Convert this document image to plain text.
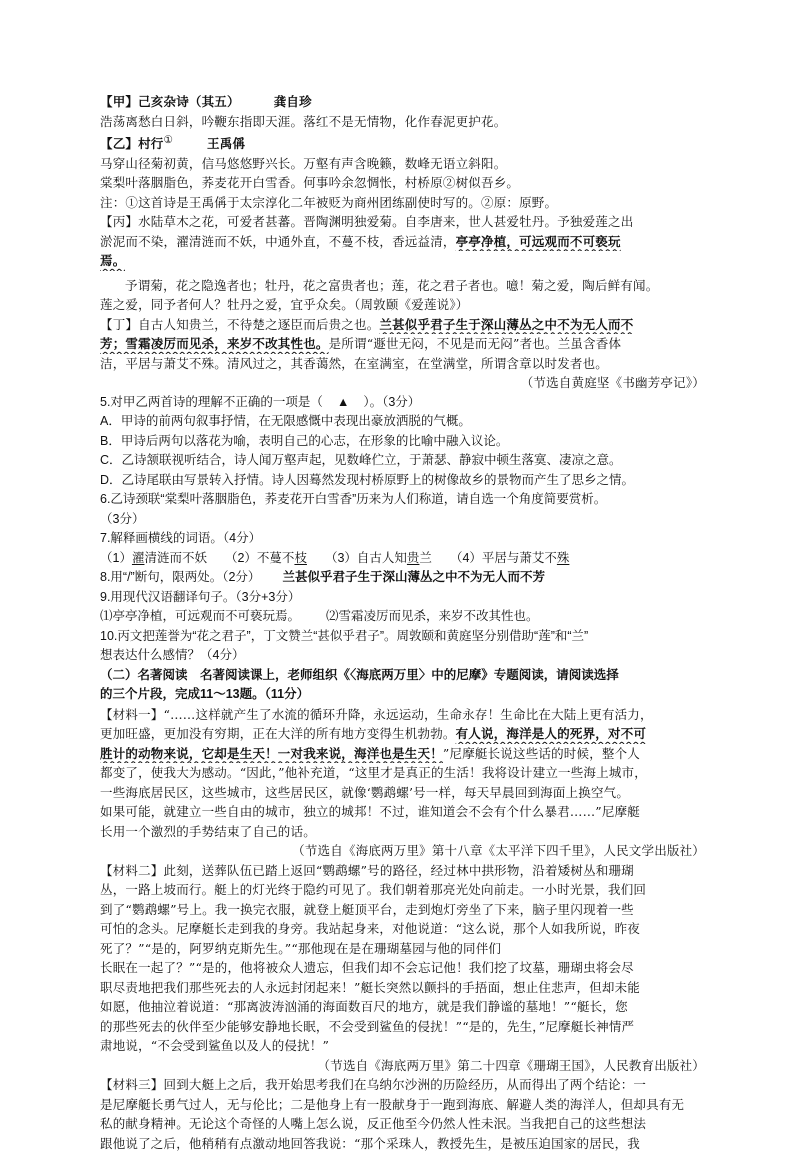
【甲】己亥杂诗（其五）	龚自珍
浩荡离愁白日斜，吟鞭东指即天涯。落红不是无情物，化作春泥更护花。
【乙】村行①	王禹偁
马穿山径菊初黄，信马悠悠野兴长。万壑有声含晚籁，数峰无语立斜阳。
棠梨叶落胭脂色，荞麦花开白雪香。何事吟余忽惆怅，村桥原②树似吾乡。
注：①这首诗是王禹偁于太宗淳化二年被贬为商州团练副使时写的。②原：原野。
【丙】水陆草木之花，可爱者甚蕃。晋陶渊明独爱菊。自李唐来，世人甚爱牡丹。予独爱莲之出
淤泥而不染，濯清涟而不妖，中通外直，不蔓不枝，香远益清，亭亭净植，可远观而不可亵玩
焉。
予谓菊，花之隐逸者也；牡丹，花之富贵者也；莲，花之君子者也。噫！菊之爱，陶后鲜有闻。
莲之爱，同予者何人？牡丹之爱，宜乎众矣。（周敦颐《爱莲说》）
【丁】自古人知贵兰，不待楚之逐臣而后贵之也。兰甚似乎君子生于深山薄丛之中不为无人而不
芳；雪霜凌厉而见杀，来岁不改其性也。是所谓“遯世无闷，不见是而无闷”者也。兰虽含香体
洁，平居与萧艾不殊。清风过之，其香蔼然，在室满室，在堂满堂，所谓含章以时发者也。
（节选自黄庭坚《书幽芳亭记》）
5.对甲乙两首诗的理解不正确的一项是（ ▲ ）。（3分）
A．甲诗的前两句叙事抒情，在无限感慨中表现出豪放洒脱的气概。
B．甲诗后两句以落花为喻，表明自己的心志，在形象的比喻中融入议论。
C．乙诗颔联视听结合，诗人闻万壑声起，见数峰伫立，于萧瑟、静寂中顿生落寞、凄凉之意。
D．乙诗尾联由写景转入抒情。诗人因蓦然发现村桥原野上的树像故乡的景物而产生了思乡之情。
6.乙诗颈联“棠梨叶落胭脂色，荞麦花开白雪香”历来为人们称道，请自选一个角度简要赏析。
（3分）
7.解释画横线的词语。（4分）
（1）濯清涟而不妖 （2）不蔓不枝 （3）自古人知贵兰 （4）平居与萧艾不殊
8.用“/”断句，限两处。（2分） 兰甚似乎君子生于深山薄丛之中不为无人而不芳
9.用现代汉语翻译句子。（3分+3分）
⑴亭亭净植，可远观而不可亵玩焉。 ⑵雪霜凌厉而见杀，来岁不改其性也。
10.丙文把莲誉为“花之君子”，丁文赞兰“甚似乎君子”。周敦颐和黄庭坚分别借助“莲”和“兰”
想表达什么感情？（4分）
（二）名著阅读　名著阅读课上，老师组织《〈海底两万里〉中的尼摩》专题阅读，请阅读选择
的三个片段，完成11～13题。（11分）
【材料一】“……这样就产生了水流的循环升降，永远运动，生命永存！生命比在大陆上更有活力，
更加旺盛，更加没有穷期，正在大洋的所有地方变得生机勃勃。有人说，海洋是人的死界，对不可
胜计的动物来说，它却是生天！一对我来说，海洋也是生天！”尼摩艇长说这些话的时候，整个人
都变了，使我大为感动。“因此，”他补充道，“这里才是真正的生活！我将设计建立一些海上城市，
一些海底居民区，这些城市，这些居民区，就像‘鹦鹉螺’号一样，每天早晨回到海面上换空气。
如果可能，就建立一些自由的城市，独立的城邦！不过，谁知道会不会有个什么暴君……”尼摩艇
长用一个激烈的手势结束了自己的话。
（节选自《海底两万里》第十八章《太平洋下四千里》，人民文学出版社）
【材料二】此刻，送葬队伍已踏上返回“鹦鹉螺”号的路径，经过林中拱形物，沿着矮树丛和珊瑚
丛，一路上坡而行。艇上的灯光终于隐约可见了。我们朝着那亮光处向前走。一小时光景，我们回
到了“鹦鹉螺”号上。我一换完衣服，就登上艇顶平台，走到炮灯旁坐了下来，脑子里闪现着一些
可怕的念头。尼摩艇长走到我的身旁。我站起身来，对他说道：“这么说，那个人如我所说，昨夜
死了？”“是的，阿罗纳克斯先生。”“那他现在是在珊瑚墓园与他的同伴们
长眠在一起了？”“是的，他将被众人遗忘，但我们却不会忘记他！我们挖了坟墓，珊瑚虫将会尽
职尽责地把我们那些死去的人永远封闭起来！”艇长突然以颤抖的手捂面，想止住悲声，但却未能
如愿，他抽泣着说道：“那离波涛汹涌的海面数百尺的地方，就是我们静谧的墓地！”“艇长，您
的那些死去的伙伴至少能够安静地长眠，不会受到鲨鱼的侵扰！”“是的，先生，”尼摩艇长神情严
肃地说，“不会受到鲨鱼以及人的侵扰！”
（节选自《海底两万里》第二十四章《珊瑚王国》，人民教育出版社）
【材料三】回到大艇上之后，我开始思考我们在乌纳尔沙洲的历险经历，从而得出了两个结论：一
是尼摩艇长勇气过人，无与伦比；二是他身上有一股献身于一跑到海底、解避人类的海洋人，但却具有无
私的献身精神。无论这个奇怪的人嘴上怎么说，反正他至今仍然人性未泯。当我把自己的这些想法
跟他说了之后，他稍稍有点激动地回答我说：“那个采珠人，教授先生，是被压迫国家的居民，我
